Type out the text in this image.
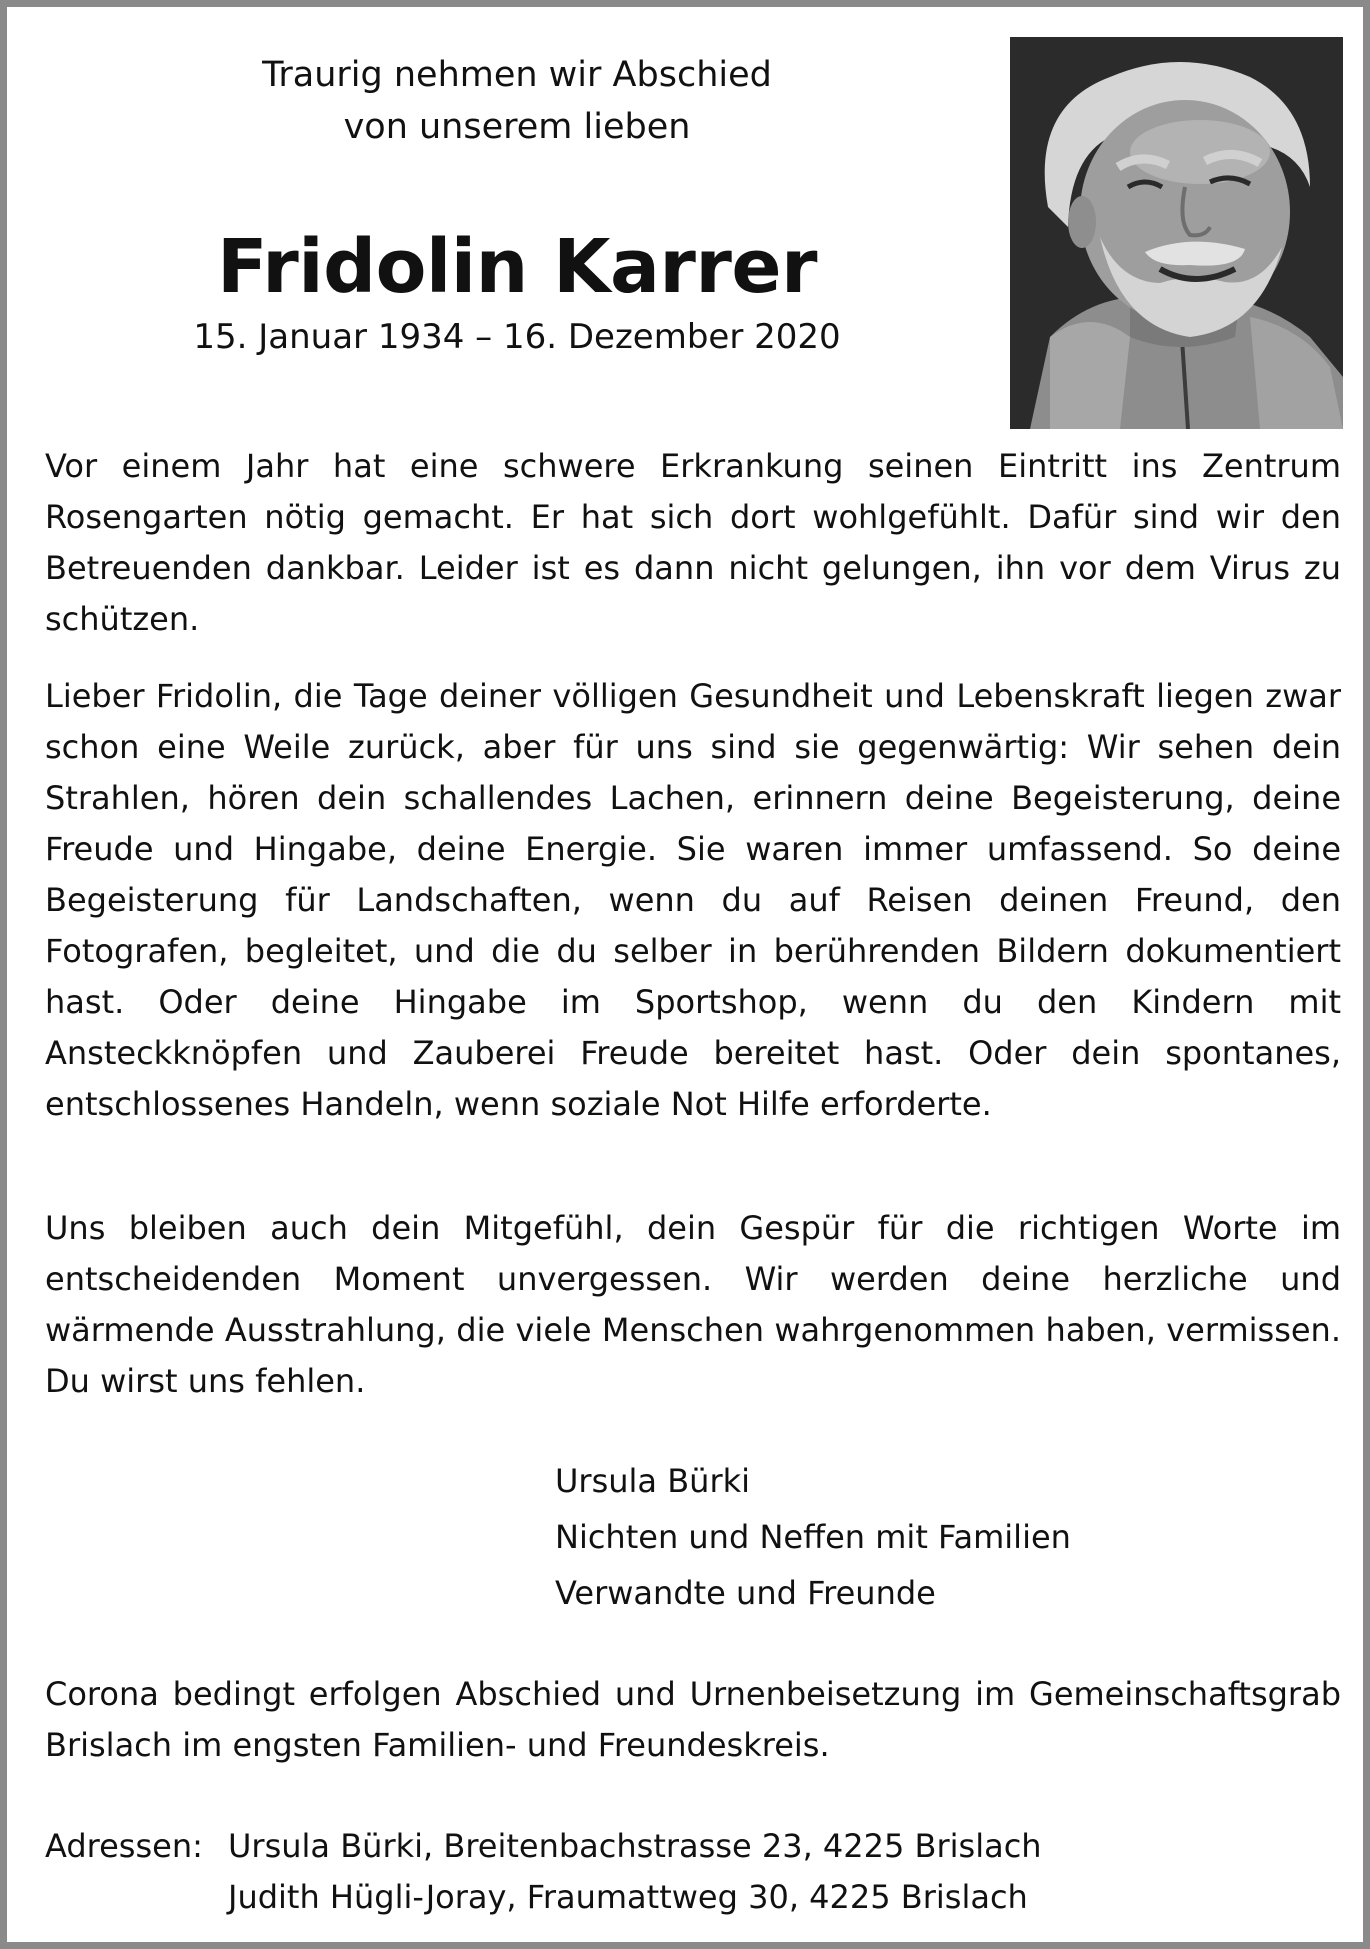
Traurig nehmen wir Abschied
von unserem lieben
Fridolin Karrer
15. Januar 1934 – 16. Dezember 2020

Vor einem Jahr hat eine schwere Erkrankung seinen Eintritt ins Zentrum Rosengarten nötig gemacht. Er hat sich dort wohlgefühlt. Dafür sind wir den Betreuenden dankbar. Leider ist es dann nicht gelungen, ihn vor dem Virus zu schützen.

Lieber Fridolin, die Tage deiner völligen Gesundheit und Lebenskraft liegen zwar schon eine Weile zurück, aber für uns sind sie gegenwärtig: Wir sehen dein Strahlen, hören dein schallendes Lachen, erinnern deine Begeisterung, deine Freude und Hingabe, deine Energie. Sie waren immer umfassend. So deine Begeisterung für Landschaften, wenn du auf Reisen deinen Freund, den Fotografen, begleitet, und die du selber in berührenden Bildern dokumentiert hast. Oder deine Hingabe im Sportshop, wenn du den Kindern mit Ansteckknöpfen und Zauberei Freude bereitet hast. Oder dein spontanes, entschlossenes Handeln, wenn soziale Not Hilfe erforderte.

Uns bleiben auch dein Mitgefühl, dein Gespür für die richtigen Worte im entscheidenden Moment unvergessen. Wir werden deine herzliche und wärmende Ausstrahlung, die viele Menschen wahrgenommen haben, vermissen. Du wirst uns fehlen.

Ursula Bürki
Nichten und Neffen mit Familien
Verwandte und Freunde

Corona bedingt erfolgen Abschied und Urnenbeisetzung im Gemeinschaftsgrab Brislach im engsten Familien- und Freundeskreis.

Adressen: Ursula Bürki, Breitenbachstrasse 23, 4225 Brislach
Judith Hügli-Joray, Fraumattweg 30, 4225 Brislach
